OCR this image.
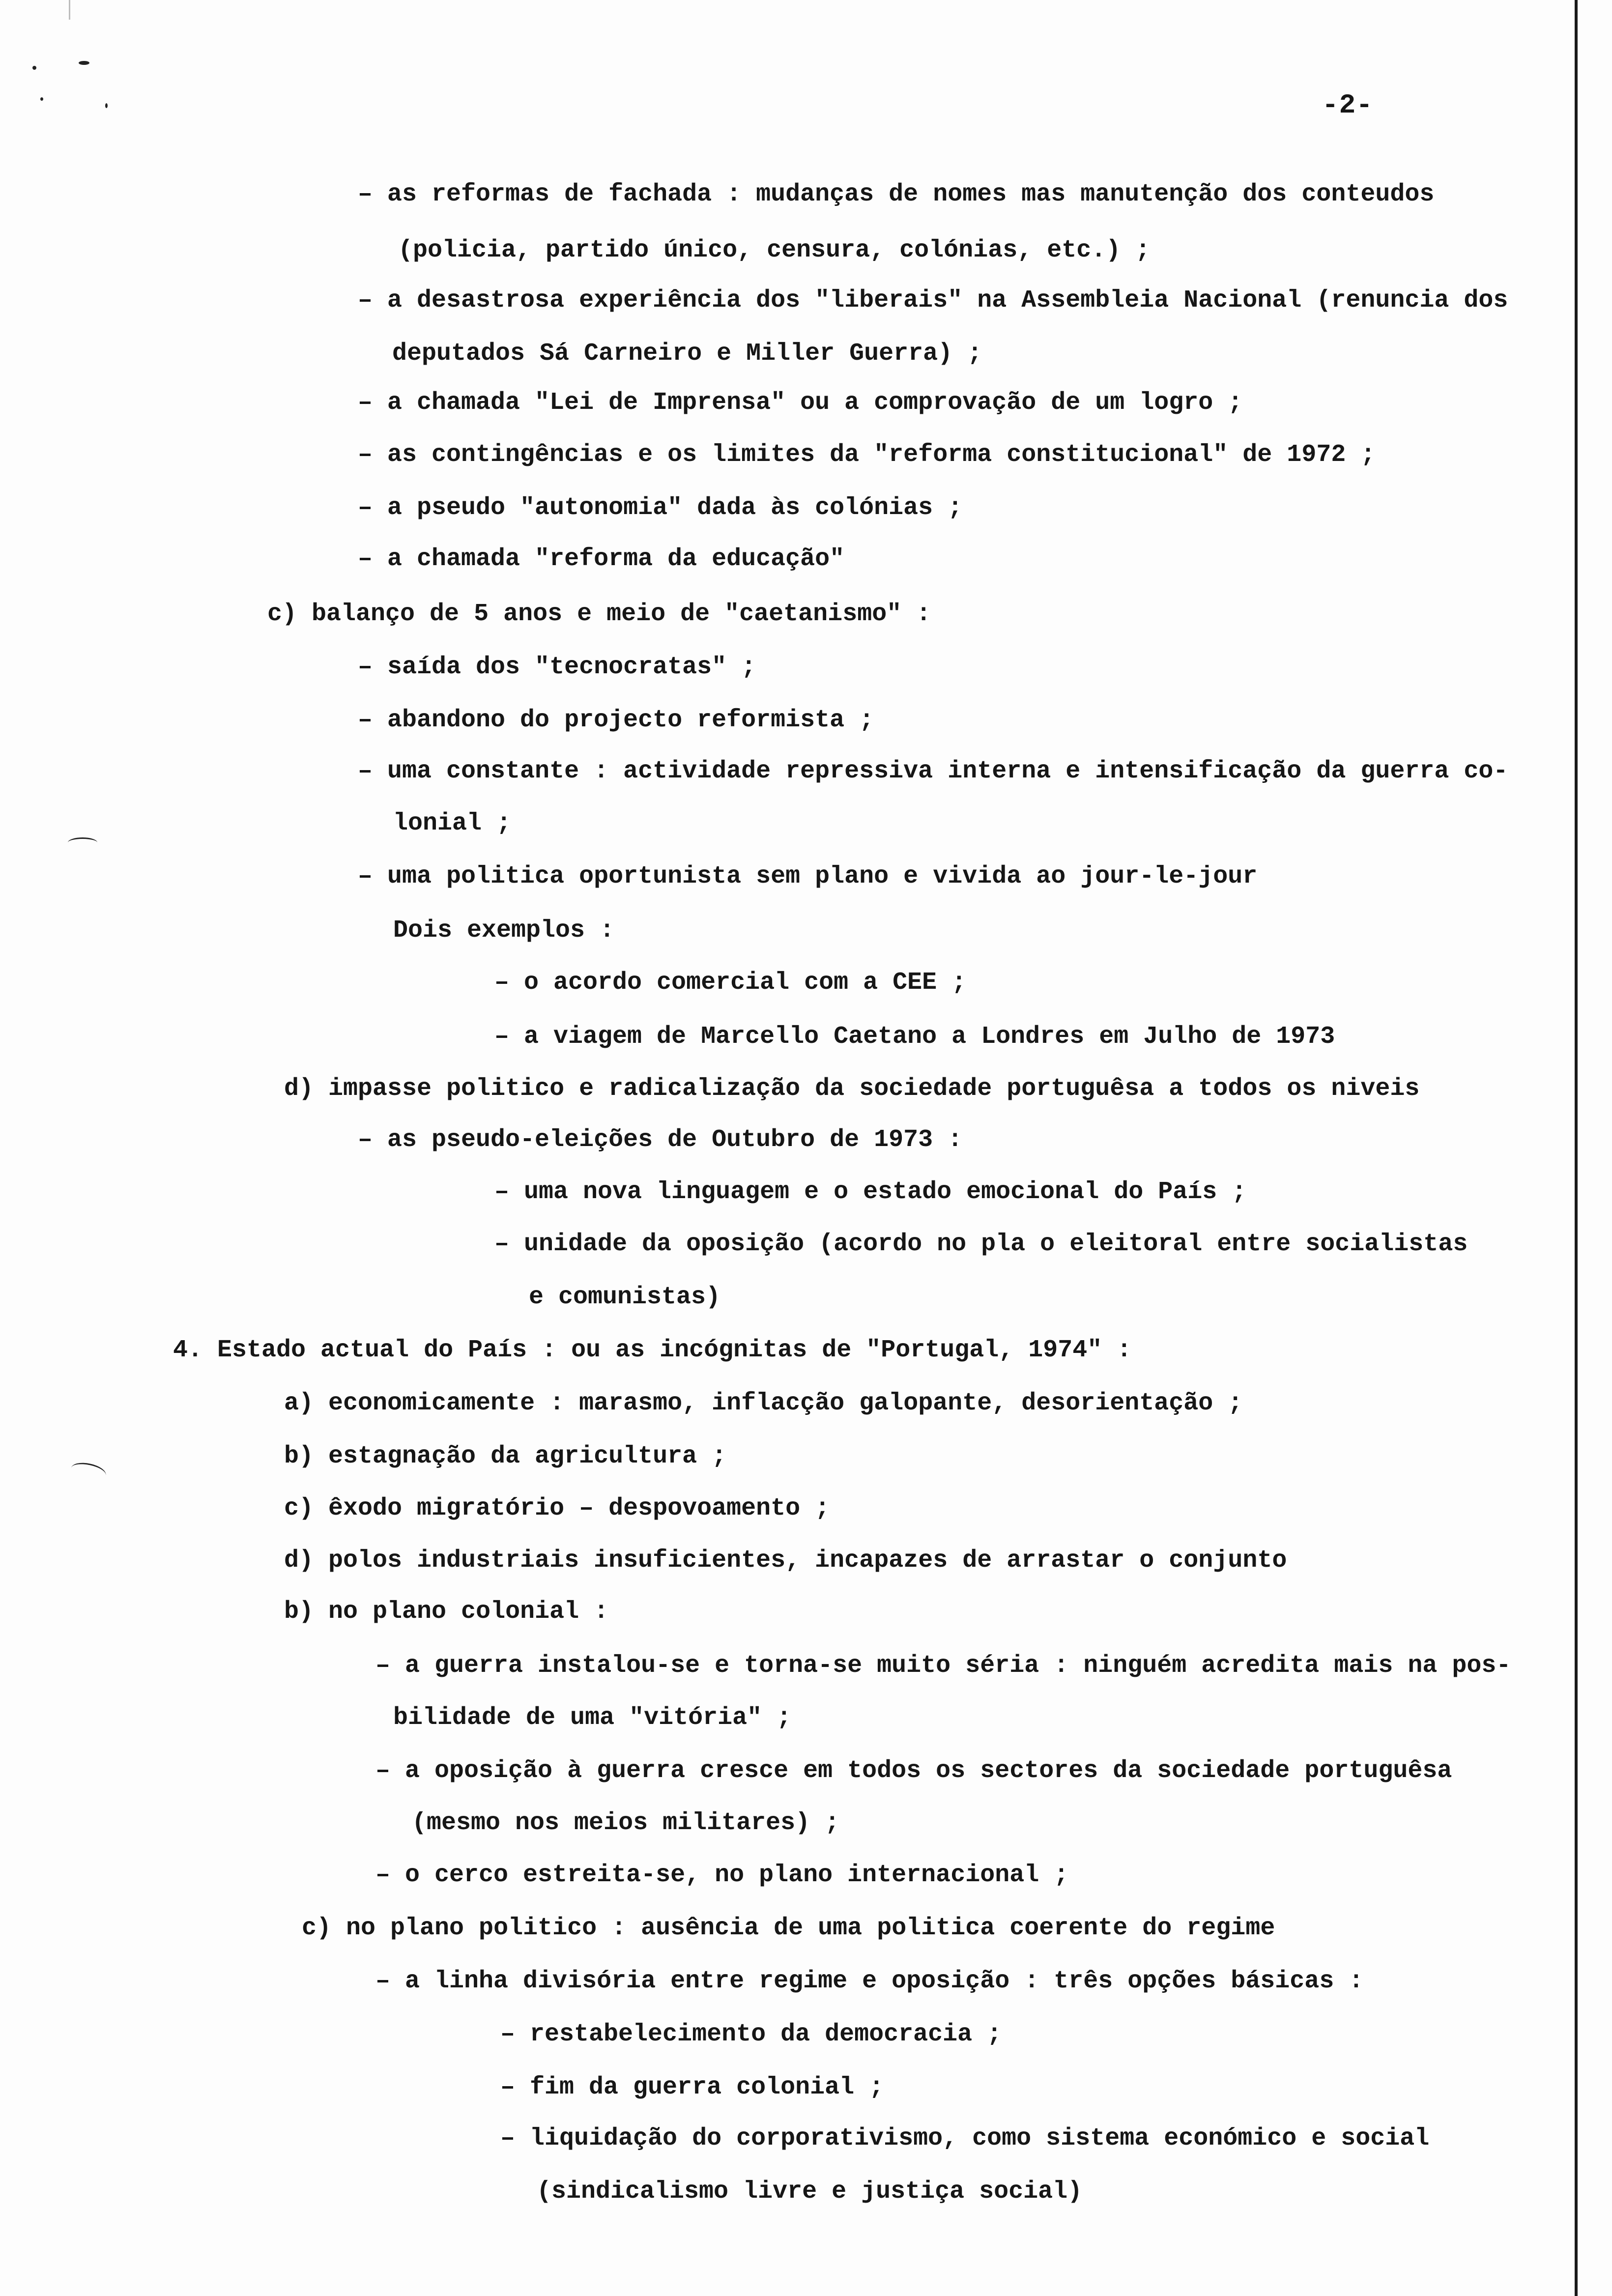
-2-
– as reformas de fachada : mudanças de nomes mas manutenção dos conteudos
(policia, partido único, censura, colónias, etc.) ;
– a desastrosa experiência dos "liberais" na Assembleia Nacional (renuncia dos
deputados Sá Carneiro e Miller Guerra) ;
– a chamada "Lei de Imprensa" ou a comprovação de um logro ;
– as contingências e os limites da "reforma constitucional" de 1972 ;
– a pseudo "autonomia" dada às colónias ;
– a chamada "reforma da educação"
c) balanço de 5 anos e meio de "caetanismo" :
– saída dos "tecnocratas" ;
– abandono do projecto reformista ;
– uma constante : actividade repressiva interna e intensificação da guerra co-
lonial ;
– uma politica oportunista sem plano e vivida ao jour-le-jour
Dois exemplos :
– o acordo comercial com a CEE ;
– a viagem de Marcello Caetano a Londres em Julho de 1973
d) impasse politico e radicalização da sociedade portuguêsa a todos os niveis
– as pseudo-eleições de Outubro de 1973 :
– uma nova linguagem e o estado emocional do País ;
– unidade da oposição (acordo no pla o eleitoral entre socialistas
e comunistas)
4. Estado actual do País : ou as incógnitas de "Portugal, 1974" :
a) economicamente : marasmo, inflacção galopante, desorientação ;
b) estagnação da agricultura ;
c) êxodo migratório – despovoamento ;
d) polos industriais insuficientes, incapazes de arrastar o conjunto
b) no plano colonial :
– a guerra instalou-se e torna-se muito séria : ninguém acredita mais na pos-
bilidade de uma "vitória" ;
– a oposição à guerra cresce em todos os sectores da sociedade portuguêsa
(mesmo nos meios militares) ;
– o cerco estreita-se, no plano internacional ;
c) no plano politico : ausência de uma politica coerente do regime
– a linha divisória entre regime e oposição : três opções básicas :
– restabelecimento da democracia ;
– fim da guerra colonial ;
– liquidação do corporativismo, como sistema económico e social
(sindicalismo livre e justiça social)
